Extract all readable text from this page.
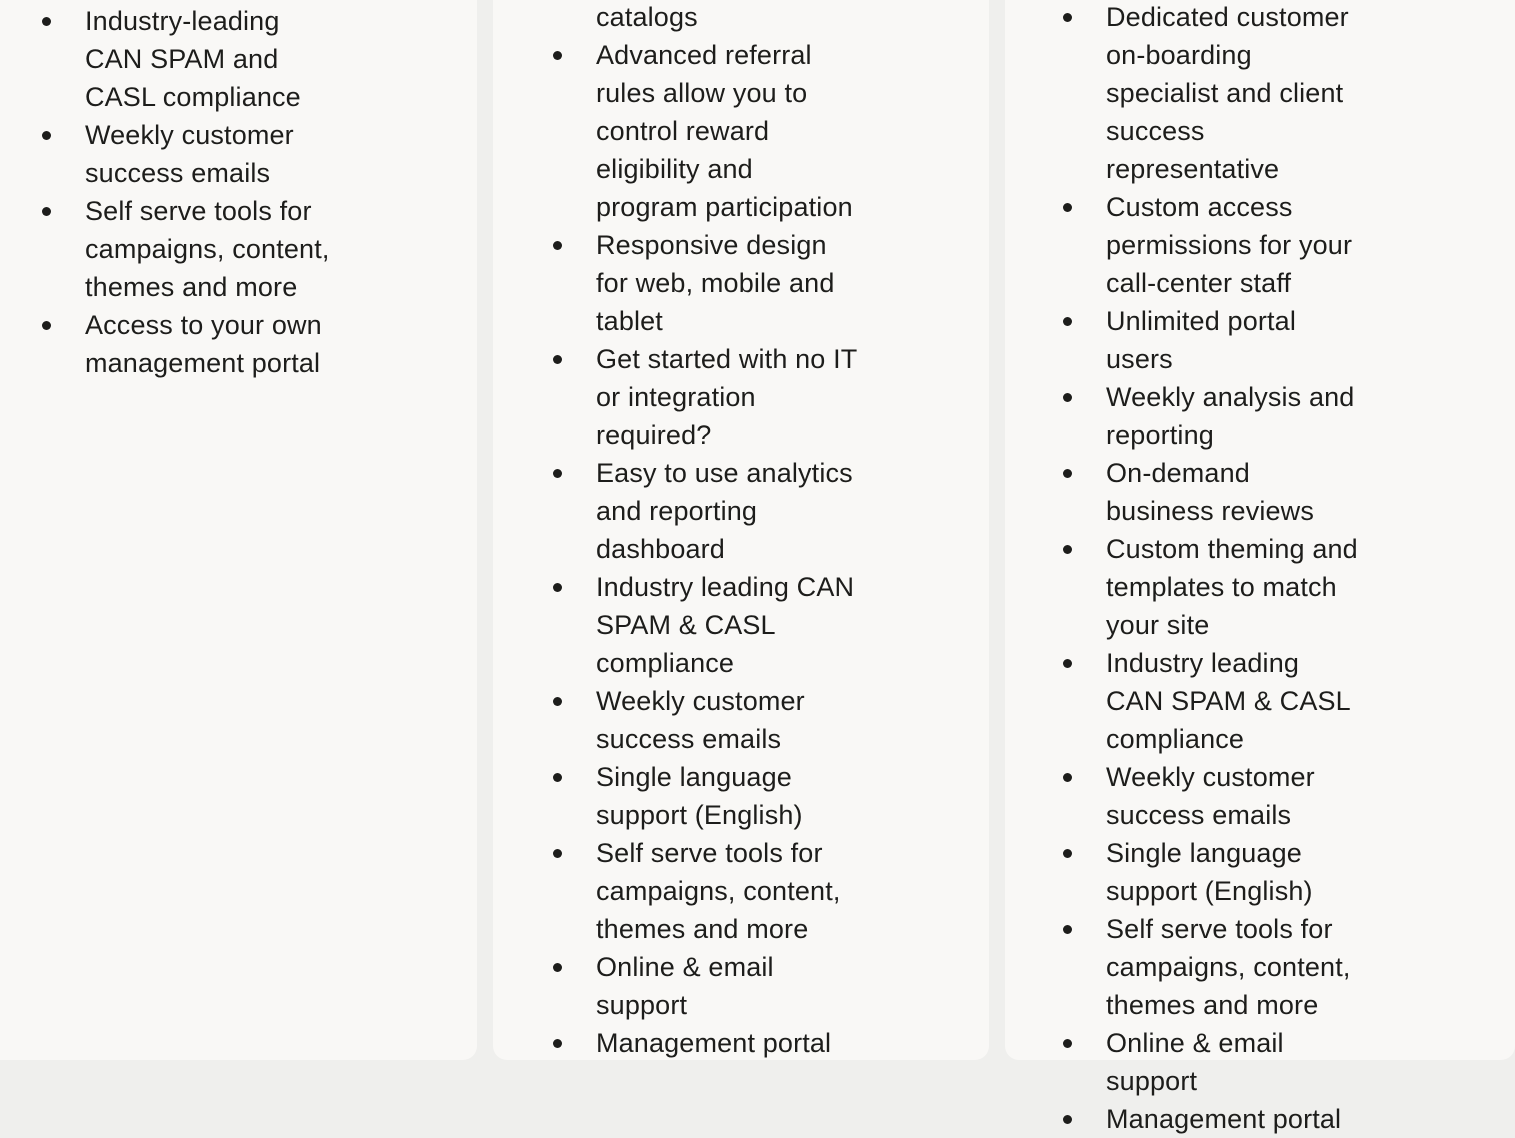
Industry-leading CAN SPAM and CASL compliance
Weekly customer success emails
Self serve tools for campaigns, content, themes and more
Access to your own management portal
catalogs
Advanced referral rules allow you to control reward eligibility and program participation
Responsive design for web, mobile and tablet
Get started with no IT or integration required?
Easy to use analytics and reporting dashboard
Industry leading CAN SPAM & CASL compliance
Weekly customer success emails
Single language support (English)
Self serve tools for campaigns, content, themes and more
Online & email support
Management portal
Dedicated customer on-boarding specialist and client success representative
Custom access permissions for your call-center staff
Unlimited portal users
Weekly analysis and reporting
On-demand business reviews
Custom theming and templates to match your site
Industry leading CAN SPAM & CASL compliance
Weekly customer success emails
Single language support (English)
Self serve tools for campaigns, content, themes and more
Online & email support
Management portal
